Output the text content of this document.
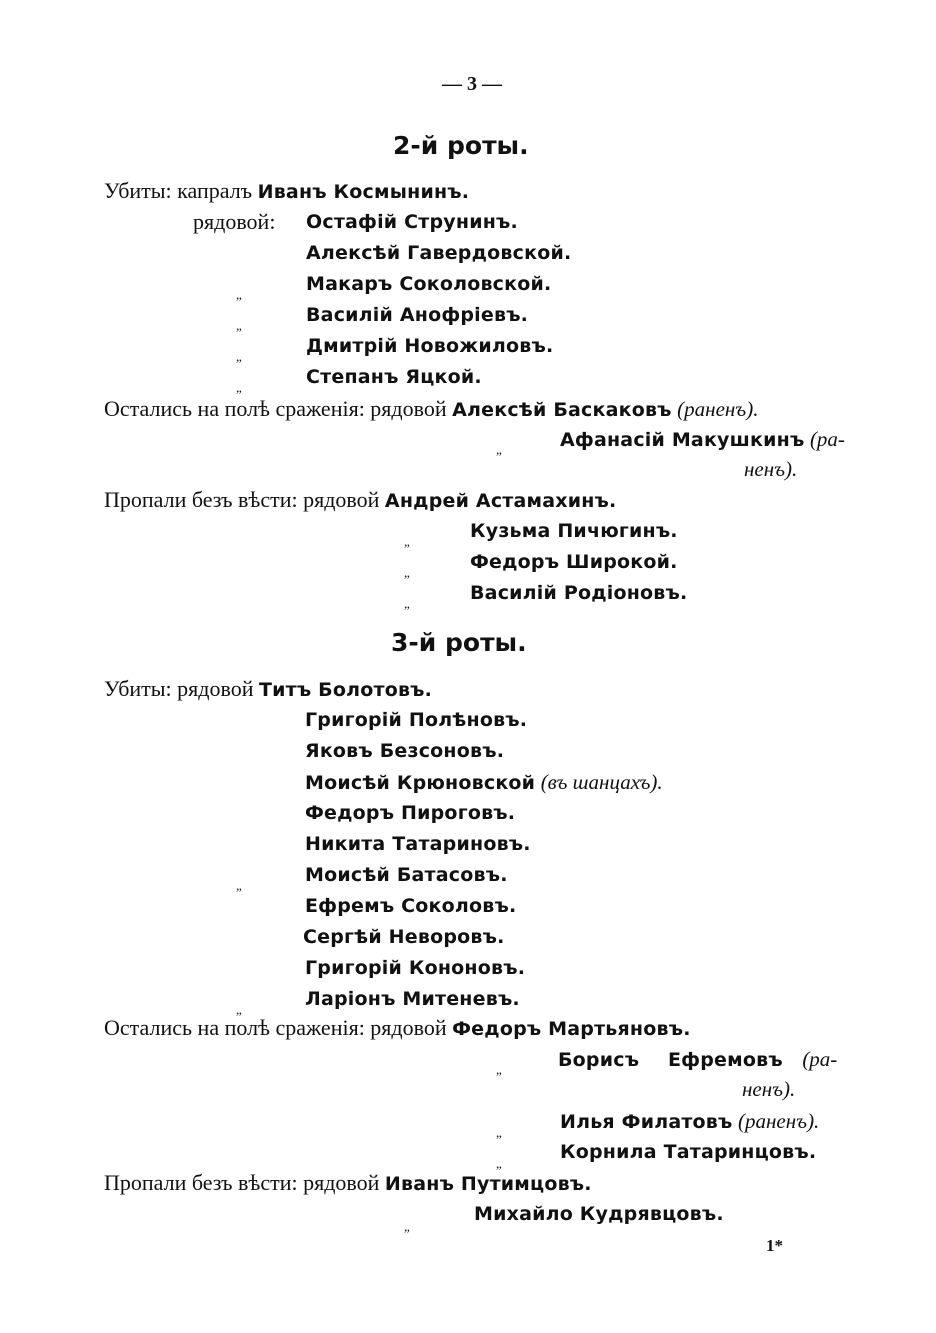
— 3 —
2-й роты.
Убиты: капралъ Иванъ Космынинъ.
рядовой: Остафій Струнинъ.
Алексѣй Гавердовской.
„	Макаръ Соколовской.
„	Василій Анофріевъ.
„	Дмитрій Новожиловъ.
„	Степанъ Яцкой.
Остались на полѣ сраженія: рядовой Алексѣй Баскаковъ (раненъ).
„	Афанасій Макушкинъ (ра-
ненъ).
Пропали безъ вѣсти: рядовой Андрей Астамахинъ.
„	Кузьма Пичюгинъ.
„	Федоръ Широкой.
„	Василій Родіоновъ.
3-й роты.
Убиты: рядовой Титъ Болотовъ.
Григорій Полѣновъ.
Яковъ Безсоновъ.
Моисѣй Крюновской (въ шанцахъ).
Федоръ Пироговъ.
Никита Татариновъ.
„	Моисѣй Батасовъ.
Ефремъ Соколовъ.
Сергѣй Неворовъ.
Григорій Кононовъ.
„	Ларіонъ Митеневъ.
Остались на полѣ сраженія: рядовой Федоръ Мартьяновъ.
„	Борисъ Ефремовъ (ра-
ненъ).
„	Илья Филатовъ (раненъ).
„
Корнила Татаринцовъ.
Пропали безъ вѣсти: рядовой Иванъ Путимцовъ.
„
Михайло Кудрявцовъ.
1*
